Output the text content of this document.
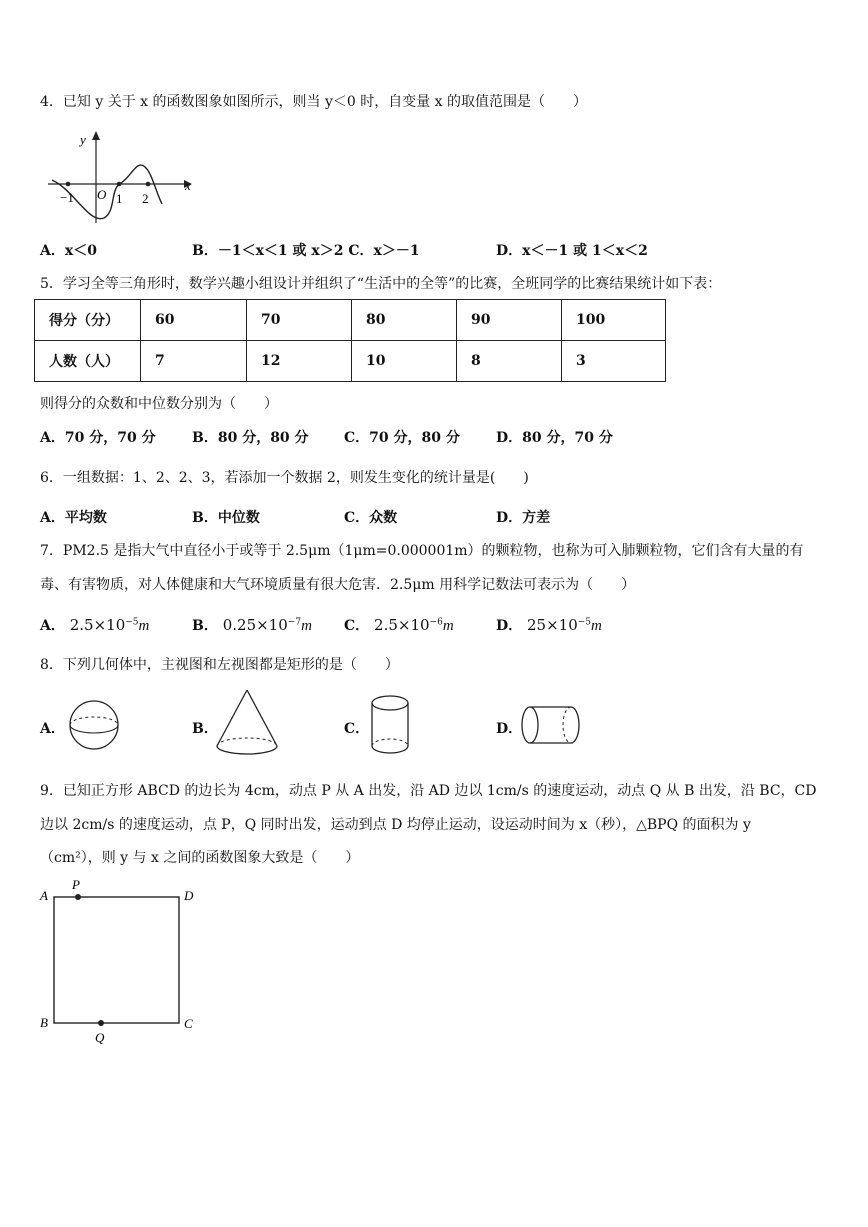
4．已知 y 关于 x 的函数图象如图所示，则当 y＜0 时，自变量 x 的取值范围是（　　）
y
x
O
−1	1 2
A．x＜0	B．－1＜x＜1 或 x＞2 C．x＞－1	D．x＜－1 或 1＜x＜2
5．学习全等三角形时，数学兴趣小组设计并组织了“生活中的全等”的比赛，全班同学的比赛结果统计如下表：
得分（分）	60	70	80	90	100
人数（人）	7	12	10	8	3
则得分的众数和中位数分别为（　　）
A．70 分，70 分	B．80 分，80 分	C．70 分，80 分	D．80 分，70 分
6．一组数据：1、2、2、3，若添加一个数据 2，则发生变化的统计量是(　　)
A．平均数	B．中位数	C．众数	D．方差
7．PM2.5 是指大气中直径小于或等于 2.5μm（1μm=0.000001m）的颗粒物，也称为可入肺颗粒物，它们含有大量的有
毒、有害物质，对人体健康和大气环境质量有很大危害．2.5μm 用科学记数法可表示为（　　）
A． $2.5\times 10^{-5}m$	B． $0.25\times 10^{-7}m$ C． $2.5\times 10^{-6}m$	D． $25\times 10^{-5}m$
8．下列几何体中，主视图和左视图都是矩形的是（　　）
A．	B．	C．	D．
9．已知正方形 ABCD 的边长为 4cm，动点 P 从 A 出发，沿 AD 边以 1cm/s 的速度运动，动点 Q 从 B 出发，沿 BC，CD
边以 2cm/s 的速度运动，点 P，Q 同时出发，运动到点 D 均停止运动，设运动时间为 x（秒），△BPQ 的面积为 y
（cm²），则 y 与 x 之间的函数图象大致是（　　）
A
P
D
B
Q
C
